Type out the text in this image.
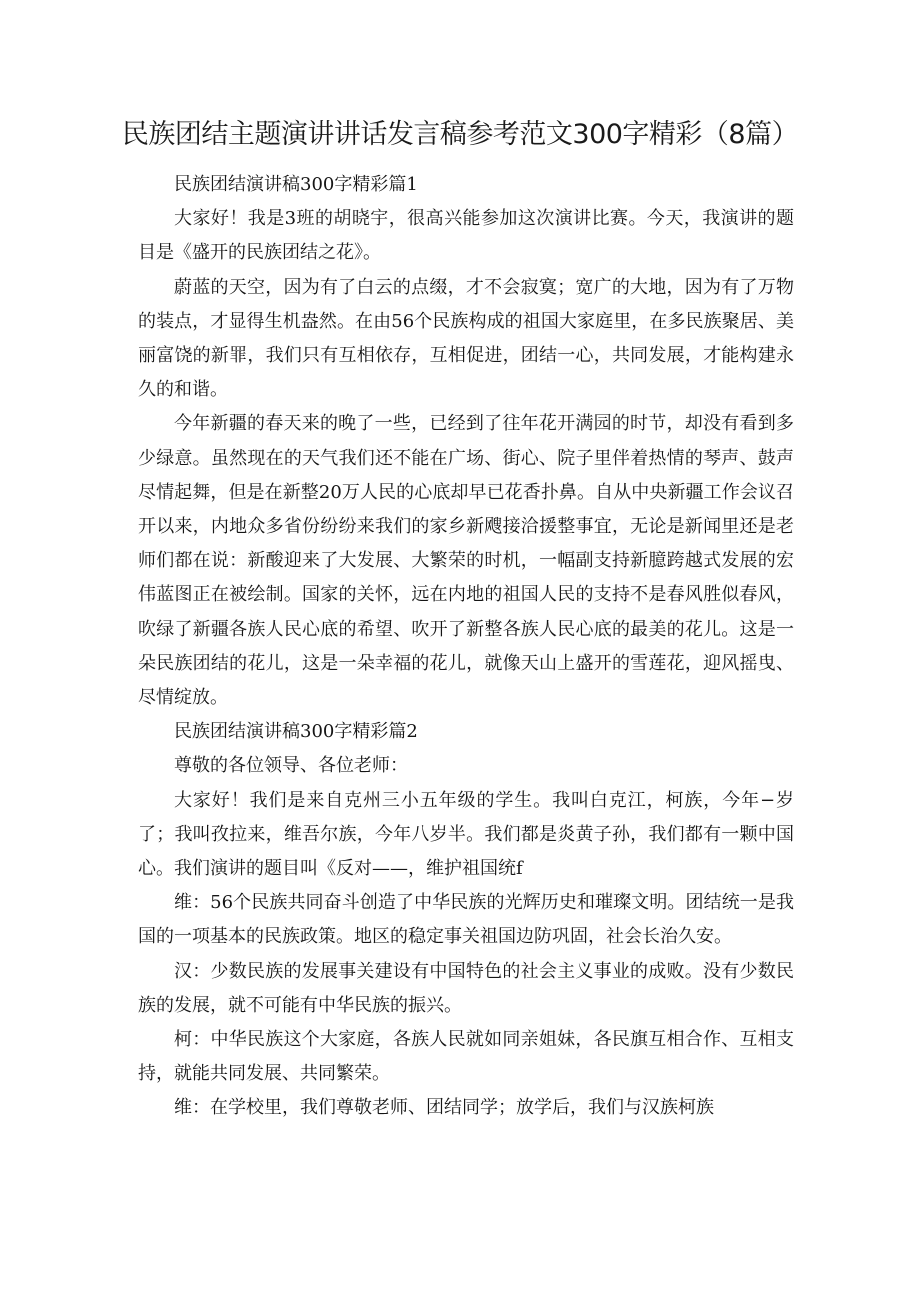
民族团结主题演讲讲话发言稿参考范文300字精彩（8篇）

民族团结演讲稿300字精彩篇1

大家好！我是3班的胡晓宇，很高兴能参加这次演讲比赛。今天，我演讲的题目是《盛开的民族团结之花》。

蔚蓝的天空，因为有了白云的点缀，才不会寂寞；宽广的大地，因为有了万物的装点，才显得生机盎然。在由56个民族构成的祖国大家庭里，在多民族聚居、美丽富饶的新罪，我们只有互相依存，互相促进，团结一心，共同发展，才能构建永久的和谐。

今年新疆的春天来的晚了一些，已经到了往年花开满园的时节，却没有看到多少绿意。虽然现在的天气我们还不能在广场、街心、院子里伴着热情的琴声、鼓声尽情起舞，但是在新整20万人民的心底却早已花香扑鼻。自从中央新疆工作会议召开以来，内地众多省份纷纷来我们的家乡新飕接洽援整事宜，无论是新闻里还是老师们都在说：新酸迎来了大发展、大繁荣的时机，一幅副支持新臆跨越式发展的宏伟蓝图正在被绘制。国家的关怀，远在内地的祖国人民的支持不是春风胜似春风，吹绿了新疆各族人民心底的希望、吹开了新整各族人民心底的最美的花儿。这是一朵民族团结的花儿，这是一朵幸福的花儿，就像天山上盛开的雪莲花，迎风摇曳、尽情绽放。

民族团结演讲稿300字精彩篇2

尊敬的各位领导、各位老师：

大家好！我们是来自克州三小五年级的学生。我叫白克江，柯族，今年−岁了；我叫孜拉来，维吾尔族，今年八岁半。我们都是炎黄子孙，我们都有一颗中国心。我们演讲的题目叫《反对——，维护祖国统f

维：56个民族共同奋斗创造了中华民族的光辉历史和璀璨文明。团结统一是我国的一项基本的民族政策。地区的稳定事关祖国边防巩固，社会长治久安。

汉：少数民族的发展事关建设有中国特色的社会主义事业的成败。没有少数民族的发展，就不可能有中华民族的振兴。

柯：中华民族这个大家庭，各族人民就如同亲姐妹，各民旗互相合作、互相支持，就能共同发展、共同繁荣。

维：在学校里，我们尊敬老师、团结同学；放学后，我们与汉族柯族
